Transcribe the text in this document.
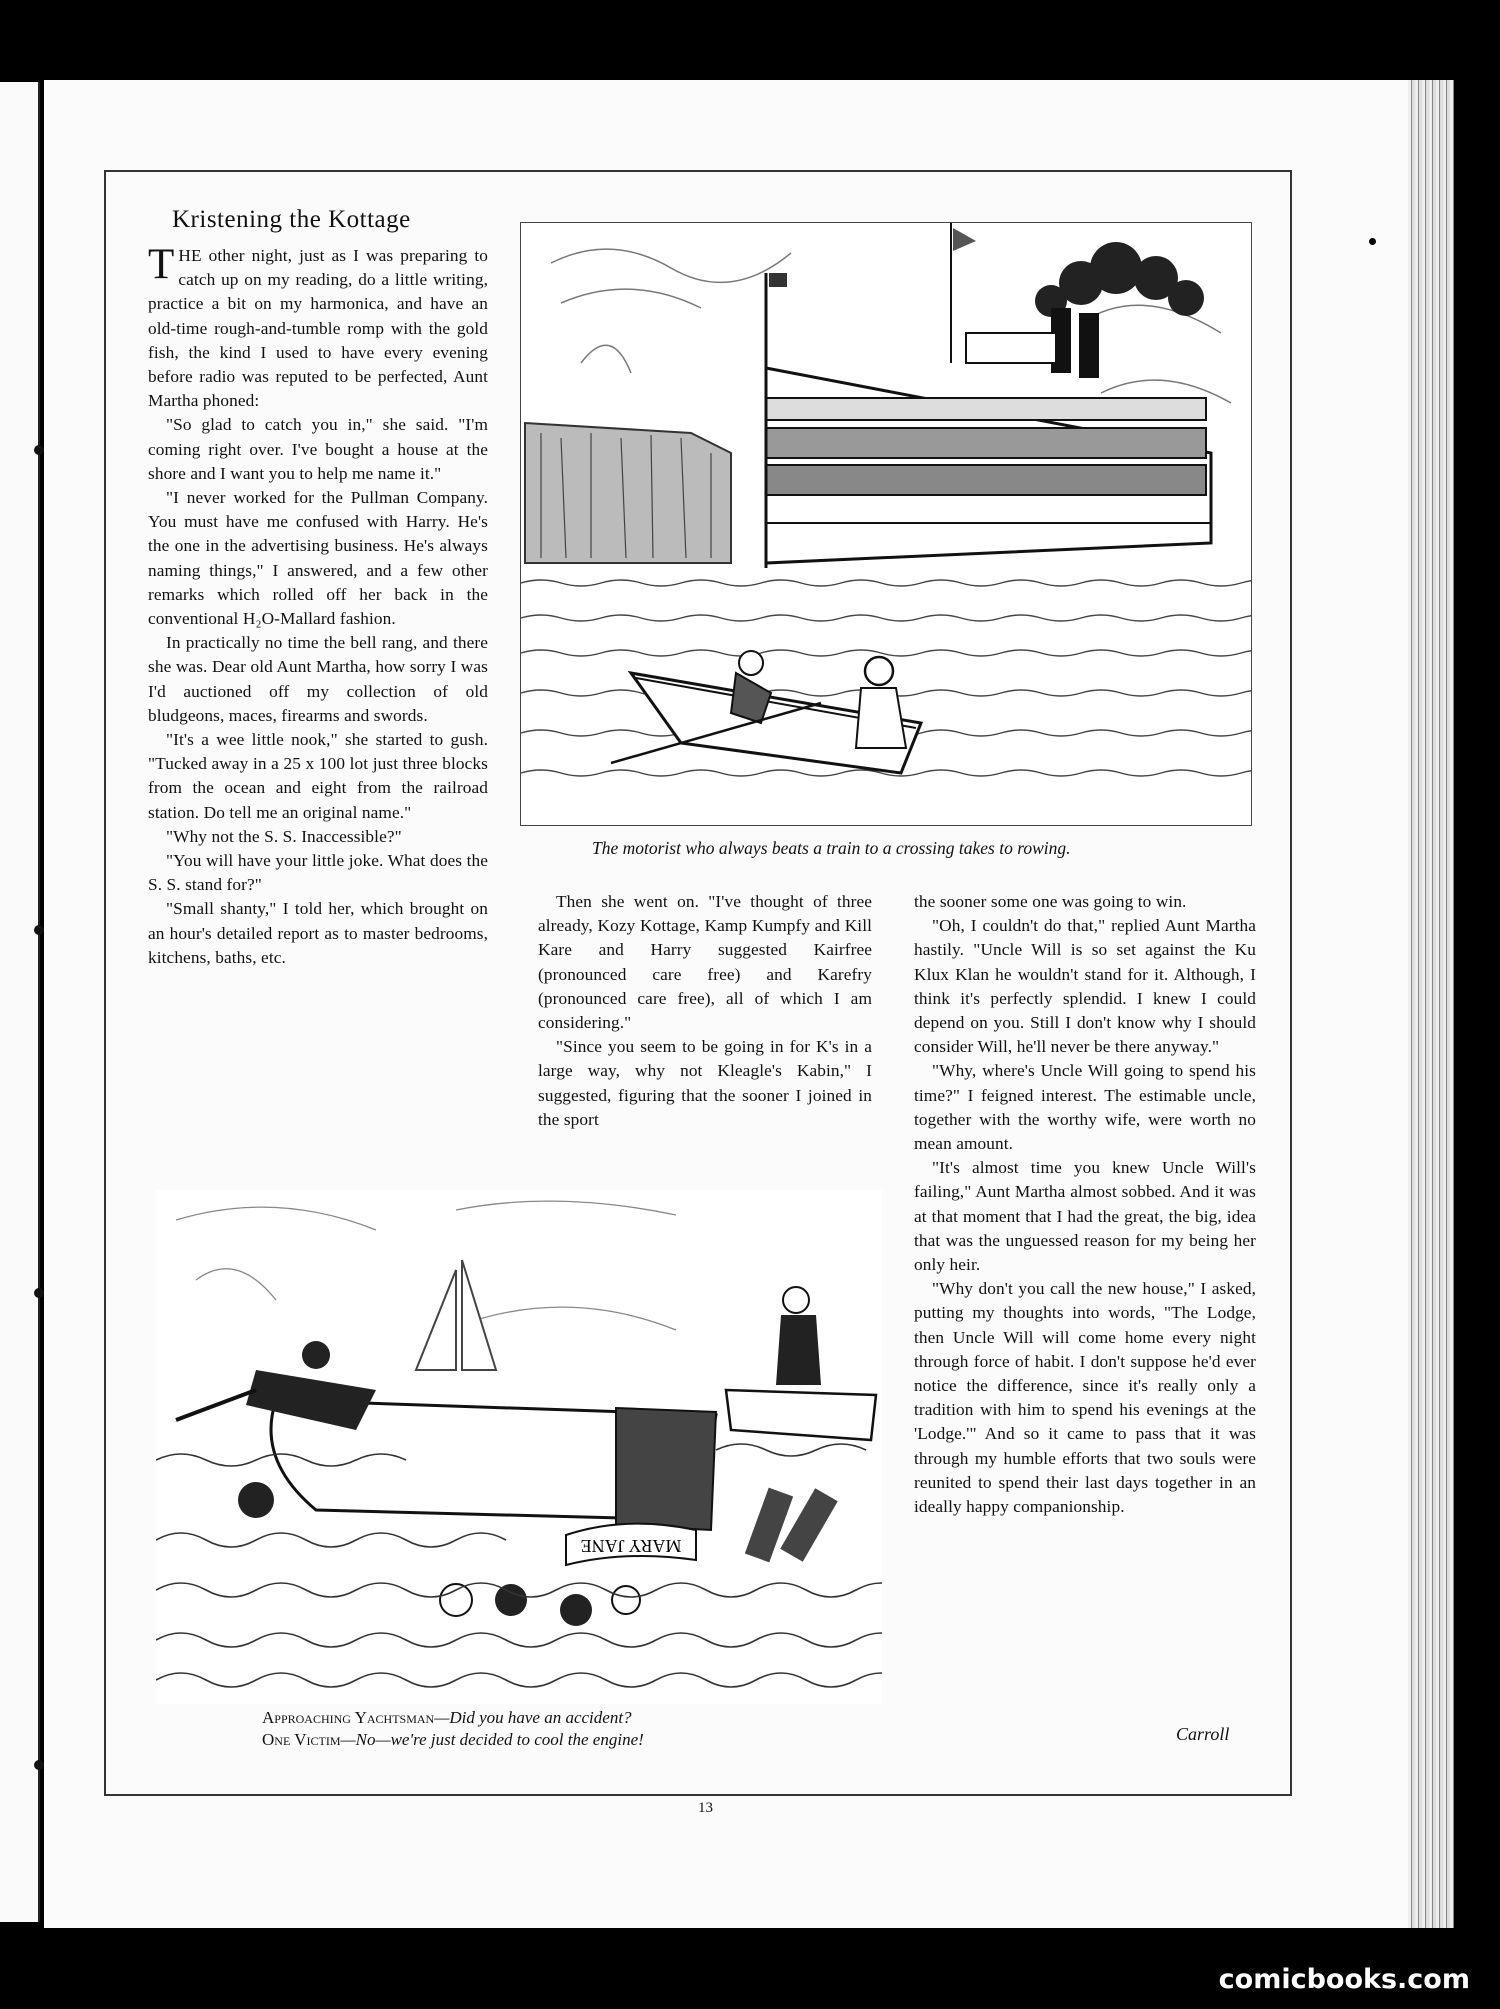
Kristening the Kottage

THE other night, just as I was preparing to catch up on my reading, do a little writing, practice a bit on my harmonica, and have an old-time rough-and-tumble romp with the gold fish, the kind I used to have every evening before radio was reputed to be perfected, Aunt Martha phoned:

"So glad to catch you in," she said. "I'm coming right over. I've bought a house at the shore and I want you to help me name it."

"I never worked for the Pullman Company. You must have me confused with Harry. He's the one in the advertising business. He's always naming things," I answered, and a few other remarks which rolled off her back in the conventional H₂O-Mallard fashion.

In practically no time the bell rang, and there she was. Dear old Aunt Martha, how sorry I was I'd auctioned off my collection of old bludgeons, maces, firearms and swords.

"It's a wee little nook," she started to gush. "Tucked away in a 25 x 100 lot just three blocks from the ocean and eight from the railroad station. Do tell me an original name."

"Why not the S. S. Inaccessible?"

"You will have your little joke. What does the S. S. stand for?"

"Small shanty," I told her, which brought on an hour's detailed report as to master bedrooms, kitchens, baths, etc.

The motorist who always beats a train to a crossing takes to rowing.

Then she went on. "I've thought of three already, Kozy Kottage, Kamp Kumpfy and Kill Kare and Harry suggested Kairfree (pronounced care free) and Karefry (pronounced care free), all of which I am considering."

"Since you seem to be going in for K's in a large way, why not Kleagle's Kabin," I suggested, figuring that the sooner I joined in the sport

the sooner some one was going to win.

"Oh, I couldn't do that," replied Aunt Martha hastily. "Uncle Will is so set against the Ku Klux Klan he wouldn't stand for it. Although, I think it's perfectly splendid. I knew I could depend on you. Still I don't know why I should consider Will, he'll never be there anyway."

"Why, where's Uncle Will going to spend his time?" I feigned interest. The estimable uncle, together with the worthy wife, were worth no mean amount.

"It's almost time you knew Uncle Will's failing," Aunt Martha almost sobbed. And it was at that moment that I had the great, the big, idea that was the unguessed reason for my being her only heir.

"Why don't you call the new house," I asked, putting my thoughts into words, "The Lodge, then Uncle Will will come home every night through force of habit. I don't suppose he'd ever notice the difference, since it's really only a tradition with him to spend his evenings at the 'Lodge.'" And so it came to pass that it was through my humble efforts that two souls were reunited to spend their last days together in an ideally happy companionship.

Carroll
MARY JANE
Approaching Yachtsman—Did you have an accident?
One Victim—No—we're just decided to cool the engine!
13
comicbooks.com
